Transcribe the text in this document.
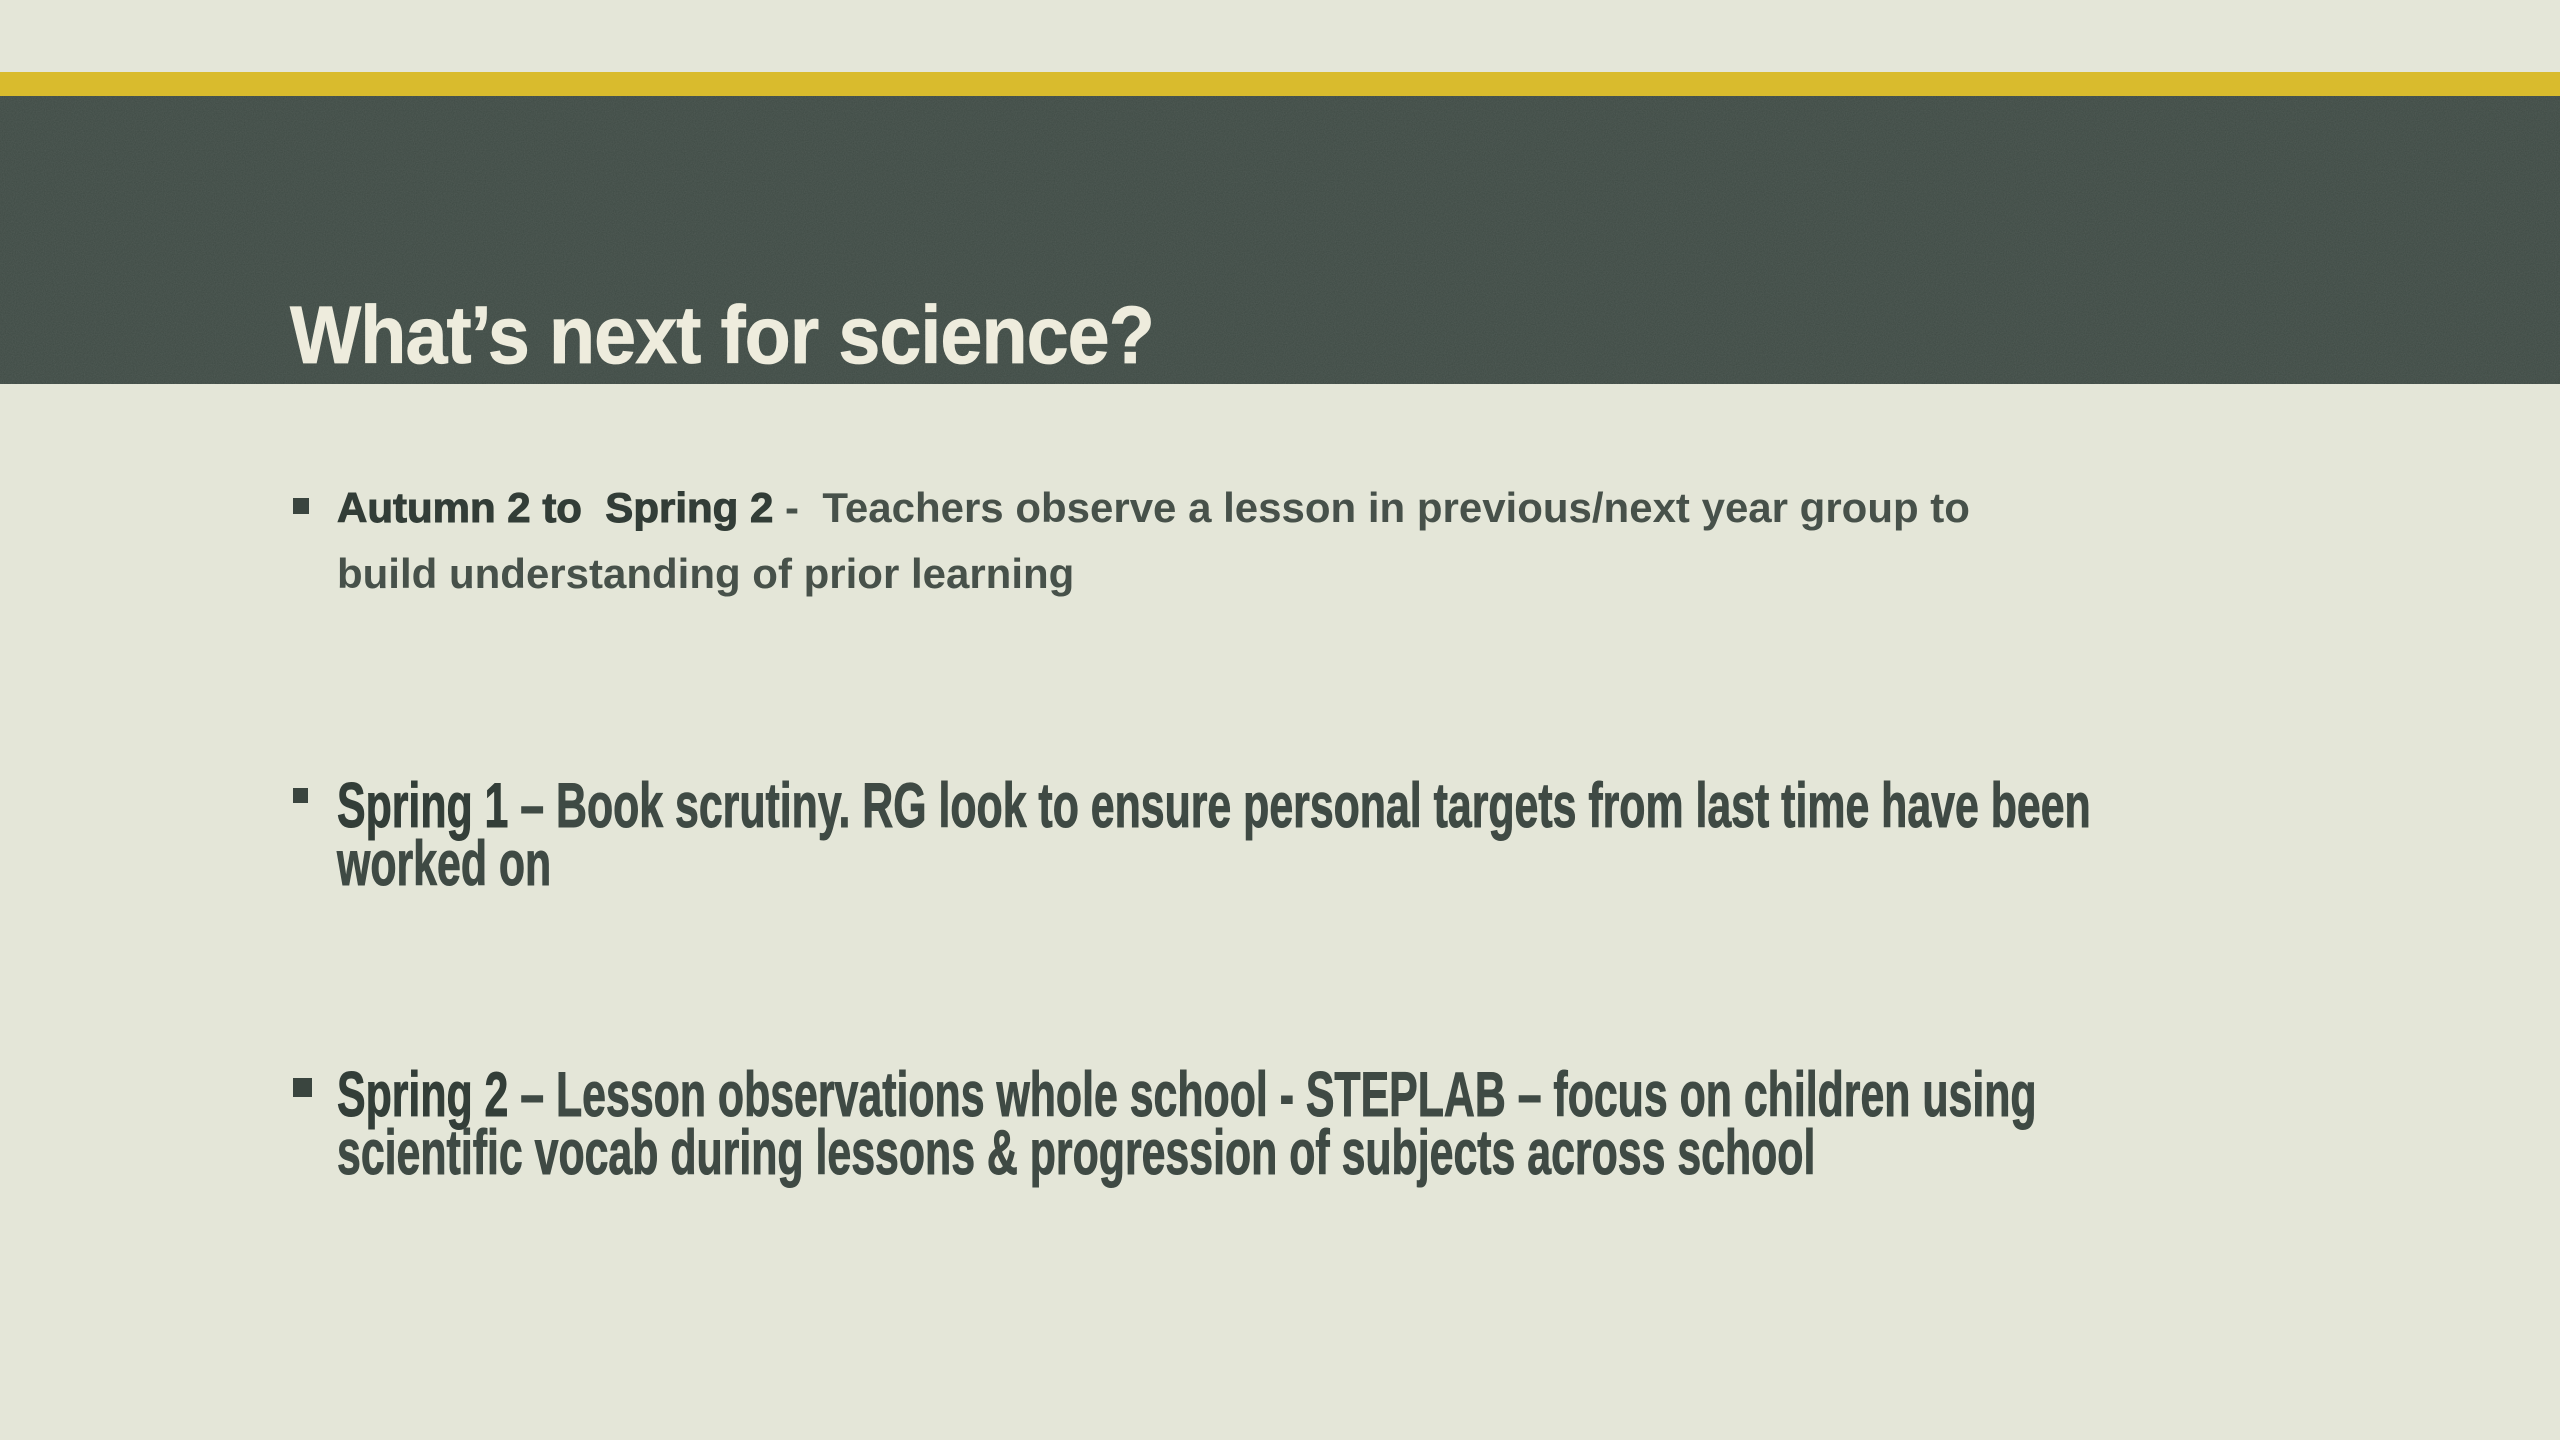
What’s next for science?
Autumn 2 to  Spring 2 -  Teachers observe a lesson in previous/next year group to
build understanding of prior learning
Spring 1 – Book scrutiny. RG look to ensure personal targets from last time have been
worked on
Spring 2 – Lesson observations whole school - STEPLAB – focus on children using
scientific vocab during lessons & progression of subjects across school
